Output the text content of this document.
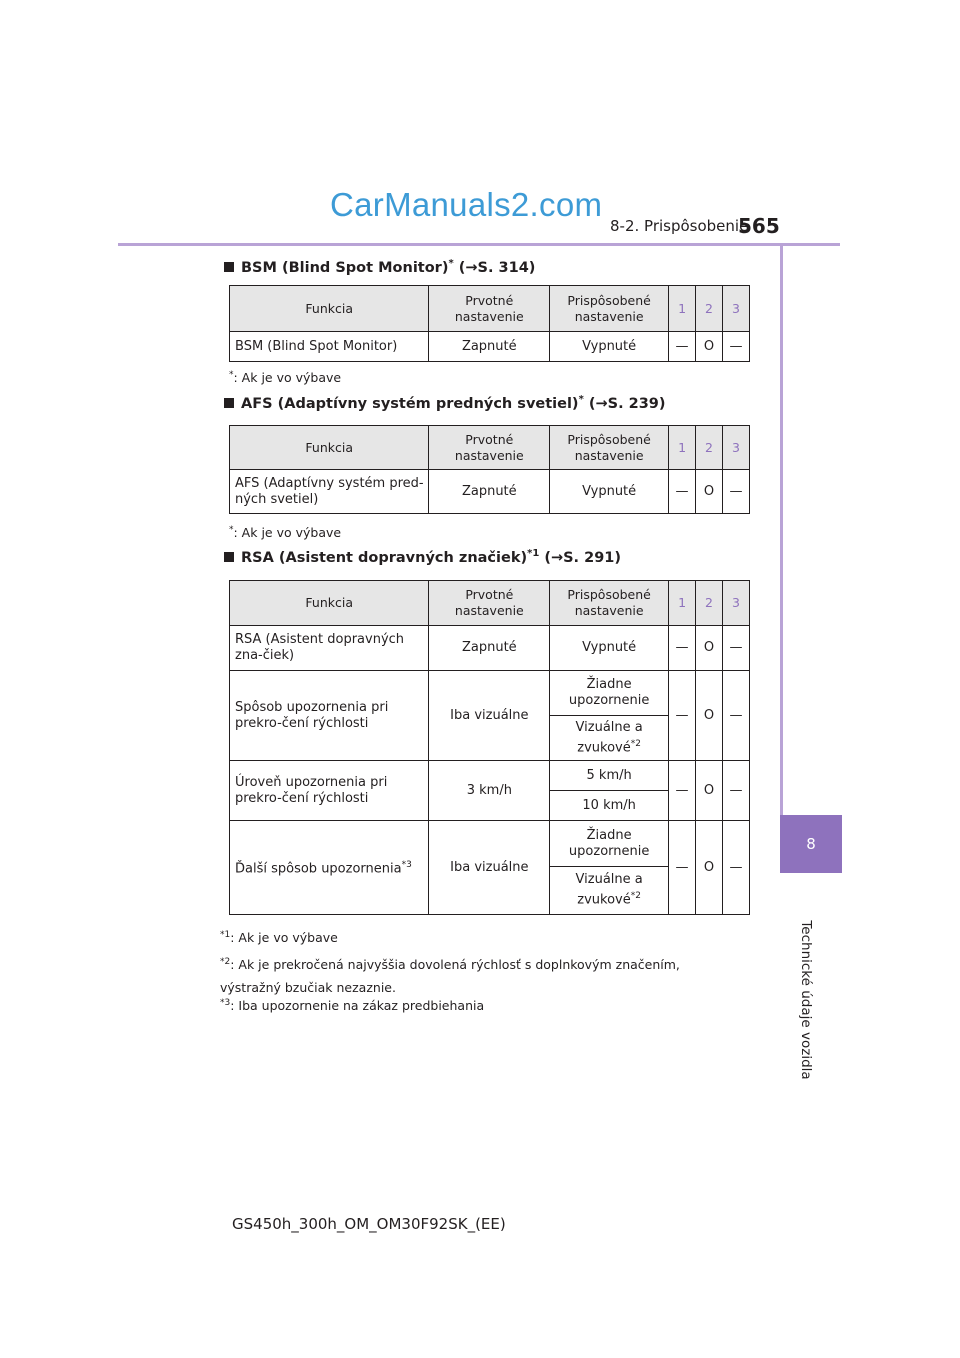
CarManuals2.com
8-2. Prispôsobenie
565
8
Technické údaje vozidla
BSM (Blind Spot Monitor)* (→S. 314)
Funkcia	Prvotné nastavenie	Prispôsobené nastavenie	1	2	3
BSM (Blind Spot Monitor)	Zapnuté	Vypnuté	—	O	—
*: Ak je vo výbave
AFS (Adaptívny systém predných svetiel)* (→S. 239)
Funkcia	Prvotné nastavenie	Prispôsobené nastavenie	1	2	3
AFS (Adaptívny systém pred-ných svetiel)	Zapnuté	Vypnuté	—	O	—
*: Ak je vo výbave
RSA (Asistent dopravných značiek)$^{*1}$ (→S. 291)
Funkcia	Prvotné nastavenie	Prispôsobené nastavenie	1	2	3
RSA (Asistent dopravných zna-čiek)	Zapnuté	Vypnuté	—	O	—
Spôsob upozornenia pri prekro-čení rýchlosti	Iba vizuálne	Žiadne upozornenie	—	O	—
		Vizuálne a zvukové$^{*2}$
Úroveň upozornenia pri prekro-čení rýchlosti	3 km/h	5 km/h	—	O	—
		10 km/h			
Ďalší spôsob upozornenia$^{*3}$	Iba vizuálne	Žiadne upozornenie	—	O	—
		Vizuálne a zvukové$^{*2}$
$^{*1}$: Ak je vo výbave
$^{*2}$: Ak je prekročená najvyššia dovolená rýchlosť s doplnkovým značením, výstražný bzučiak nezaznie.
$^{*3}$: Iba upozornenie na zákaz predbiehania
GS450h_300h_OM_OM30F92SK_(EE)
